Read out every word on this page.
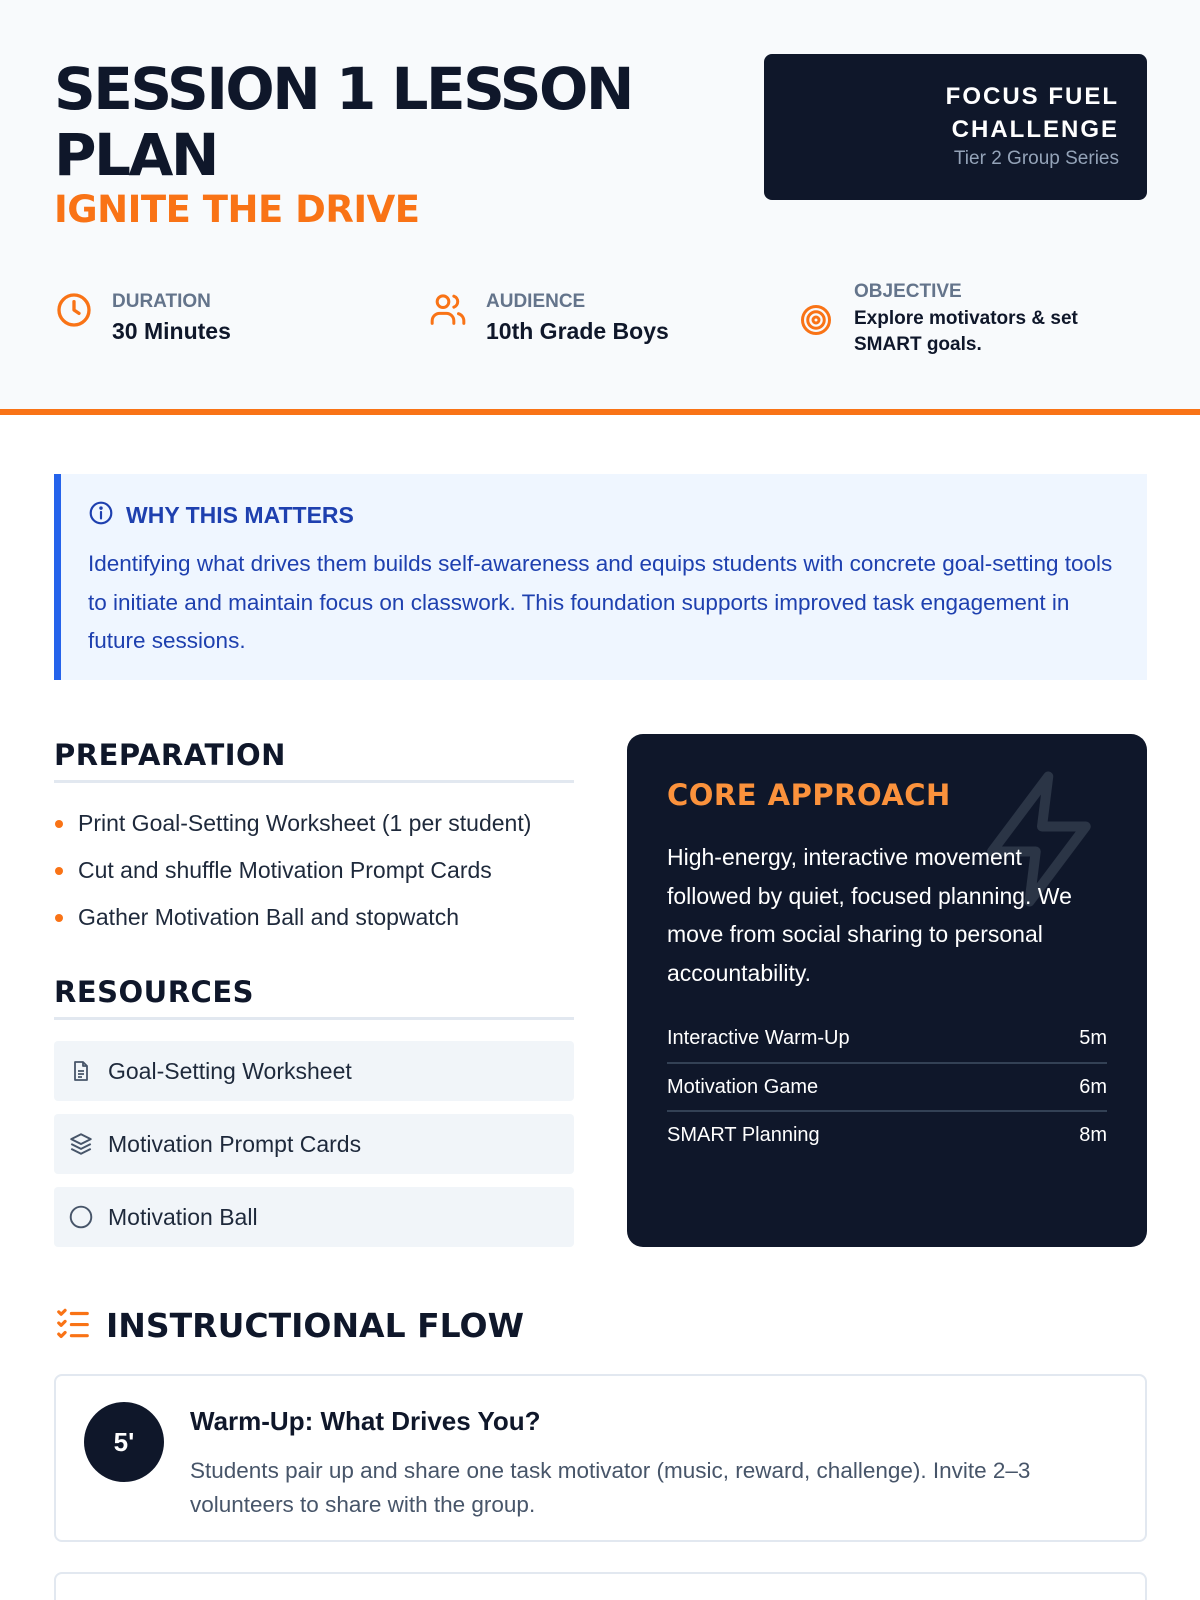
SESSION 1 LESSON PLAN
IGNITE THE DRIVE
FOCUS FUEL
CHALLENGE
Tier 2 Group Series
DURATION
30 Minutes
AUDIENCE
10th Grade Boys
OBJECTIVE
Explore motivators & set SMART goals.
WHY THIS MATTERS

Identifying what drives them builds self-awareness and equips students with concrete goal-setting tools to initiate and maintain focus on classwork. This foundation supports improved task engagement in future sessions.

PREPARATION
Print Goal-Setting Worksheet (1 per student)
Cut and shuffle Motivation Prompt Cards
Gather Motivation Ball and stopwatch
RESOURCES
Goal-Setting Worksheet
Motivation Prompt Cards
Motivation Ball
CORE APPROACH

High-energy, interactive movement followed by quiet, focused planning. We move from social sharing to personal accountability.

Interactive Warm-Up	5m
Motivation Game	6m
SMART Planning	8m
INSTRUCTIONAL FLOW
5'
Warm-Up: What Drives You?

Students pair up and share one task motivator (music, reward, challenge). Invite 2–3 volunteers to share with the group.
